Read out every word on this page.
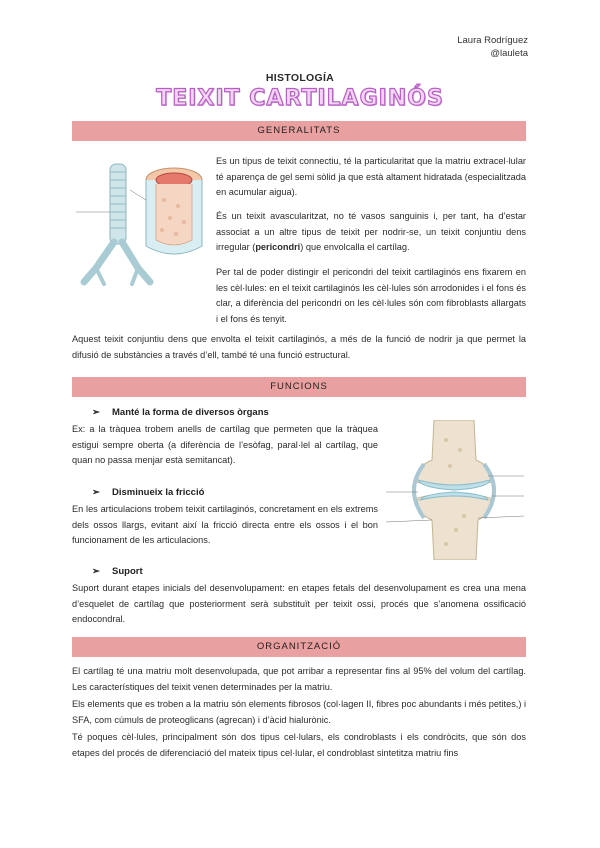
Laura Rodríguez
@lauleta
HISTOLOGÍA
TEIXIT CARTILAGINÓS
GENERALITATS
Es un tipus de teixit connectiu, té la particularitat que la matriu extracel·lular té aparença de gel semi sòlid ja que està altament hidratada (especialitzada en acumular aigua).
És un teixit avascularitzat, no té vasos sanguinis i, per tant, ha d’estar associat a un altre tipus de teixit per nodrir-se, un teixit conjuntiu dens irregular (pericondri) que envolcalla el cartílag.
Per tal de poder distingir el pericondri del teixit cartilaginós ens fixarem en les cèl·lules: en el teixit cartilaginós les cèl·lules són arrodonides i el fons és clar, a diferència del pericondri on les cèl·lules són com fibroblasts allargats i el fons és tenyit.
Aquest teixit conjuntiu dens que envolta el teixit cartilaginós, a més de la funció de nodrir ja que permet la difusió de substàncies a través d’ell, també té una funció estructural.
FUNCIONS
➢ Manté la forma de diversos òrgans
Ex: a la tràquea trobem anells de cartílag que permeten que la tràquea estigui sempre oberta (a diferència de l’esòfag, paral·lel al cartílag, que quan no passa menjar està semitancat).
➢ Disminueix la fricció
En les articulacions trobem teixit cartilaginós, concretament en els extrems dels ossos llargs, evitant així la fricció directa entre els ossos i el bon funcionament de les articulacions.
➢ Suport
Suport durant etapes inicials del desenvolupament: en etapes fetals del desenvolupament es crea una mena d’esquelet de cartílag que posteriorment serà substituït per teixit ossi, procés que s’anomena ossificació endocondral.
ORGANITZACIÓ
El cartílag té una matriu molt desenvolupada, que pot arribar a representar fins al 95% del volum del cartílag. Les característiques del teixit venen determinades per la matriu.
Els elements que es troben a la matriu són elements fibrosos (col·lagen II, fibres poc abundants i més petites,) i SFA, com cúmuls de proteoglicans (agrecan) i d’àcid hialurònic.
Té poques cèl·lules, principalment són dos tipus cel·lulars, els condroblasts i els condròcits, que són dos etapes del procés de diferenciació del mateix tipus cel·lular, el condroblast sintetitza matriu fins
